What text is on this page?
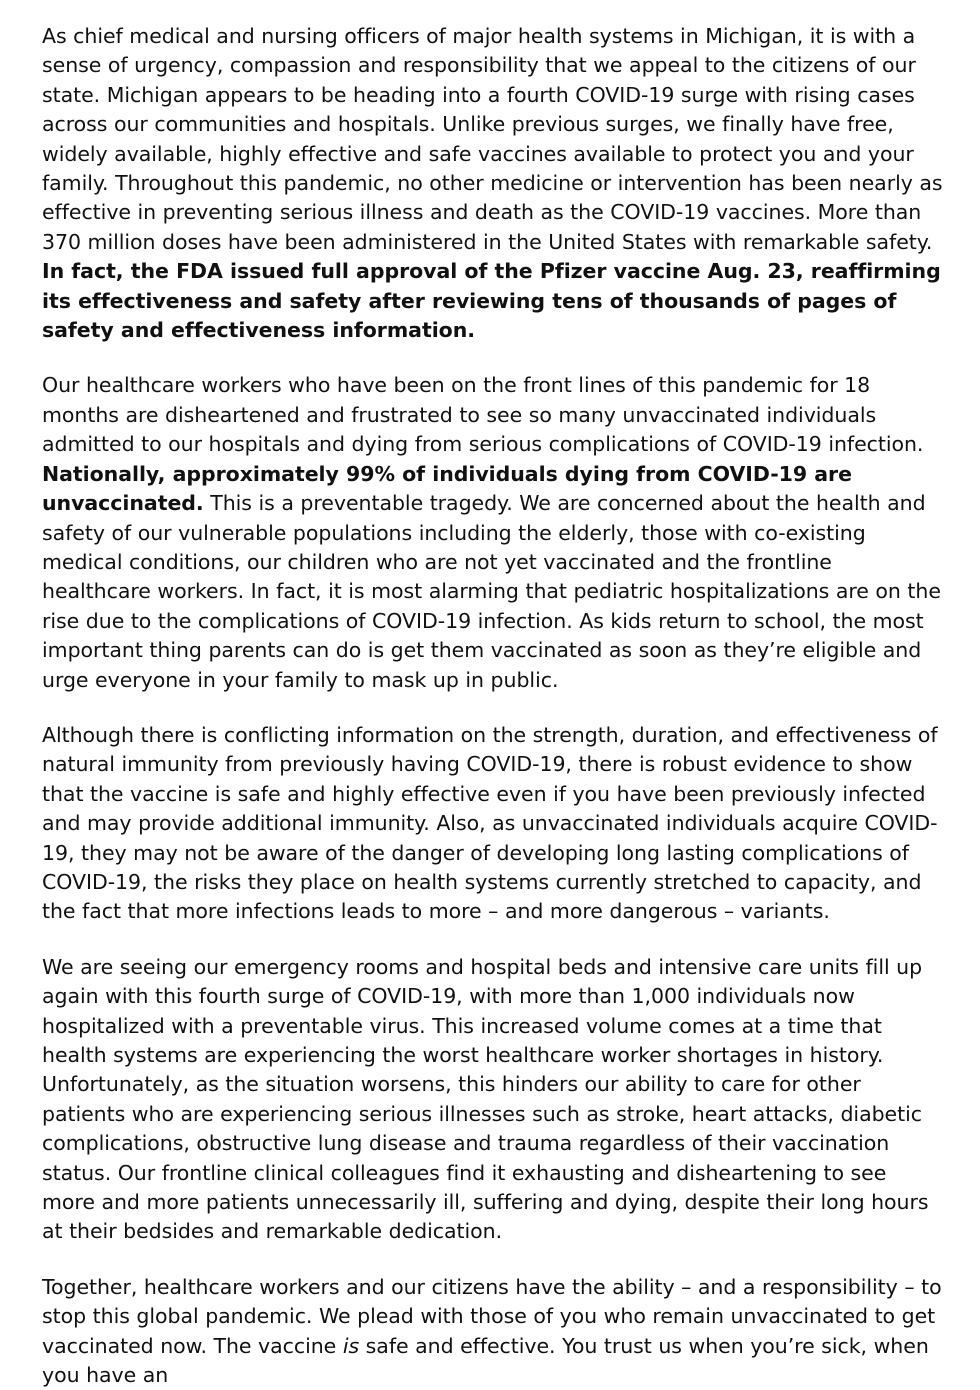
As chief medical and nursing officers of major health systems in Michigan, it is with a sense of urgency, compassion and responsibility that we appeal to the citizens of our state. Michigan appears to be heading into a fourth COVID-19 surge with rising cases across our communities and hospitals. Unlike previous surges, we finally have free, widely available, highly effective and safe vaccines available to protect you and your family. Throughout this pandemic, no other medicine or intervention has been nearly as effective in preventing serious illness and death as the COVID-19 vaccines. More than 370 million doses have been administered in the United States with remarkable safety. In fact, the FDA issued full approval of the Pfizer vaccine Aug. 23, reaffirming its effectiveness and safety after reviewing tens of thousands of pages of safety and effectiveness information.

Our healthcare workers who have been on the front lines of this pandemic for 18 months are disheartened and frustrated to see so many unvaccinated individuals admitted to our hospitals and dying from serious complications of COVID-19 infection. Nationally, approximately 99% of individuals dying from COVID-19 are unvaccinated. This is a preventable tragedy. We are concerned about the health and safety of our vulnerable populations including the elderly, those with co-existing medical conditions, our children who are not yet vaccinated and the frontline healthcare workers. In fact, it is most alarming that pediatric hospitalizations are on the rise due to the complications of COVID-19 infection. As kids return to school, the most important thing parents can do is get them vaccinated as soon as they’re eligible and urge everyone in your family to mask up in public.

Although there is conflicting information on the strength, duration, and effectiveness of natural immunity from previously having COVID-19, there is robust evidence to show that the vaccine is safe and highly effective even if you have been previously infected and may provide additional immunity. Also, as unvaccinated individuals acquire COVID-19, they may not be aware of the danger of developing long lasting complications of COVID-19, the risks they place on health systems currently stretched to capacity, and the fact that more infections leads to more – and more dangerous – variants.

We are seeing our emergency rooms and hospital beds and intensive care units fill up again with this fourth surge of COVID-19, with more than 1,000 individuals now hospitalized with a preventable virus. This increased volume comes at a time that health systems are experiencing the worst healthcare worker shortages in history. Unfortunately, as the situation worsens, this hinders our ability to care for other patients who are experiencing serious illnesses such as stroke, heart attacks, diabetic complications, obstructive lung disease and trauma regardless of their vaccination status. Our frontline clinical colleagues find it exhausting and disheartening to see more and more patients unnecessarily ill, suffering and dying, despite their long hours at their bedsides and remarkable dedication.

Together, healthcare workers and our citizens have the ability – and a responsibility – to stop this global pandemic. We plead with those of you who remain unvaccinated to get vaccinated now. The vaccine is safe and effective. You trust us when you’re sick, when you have an
